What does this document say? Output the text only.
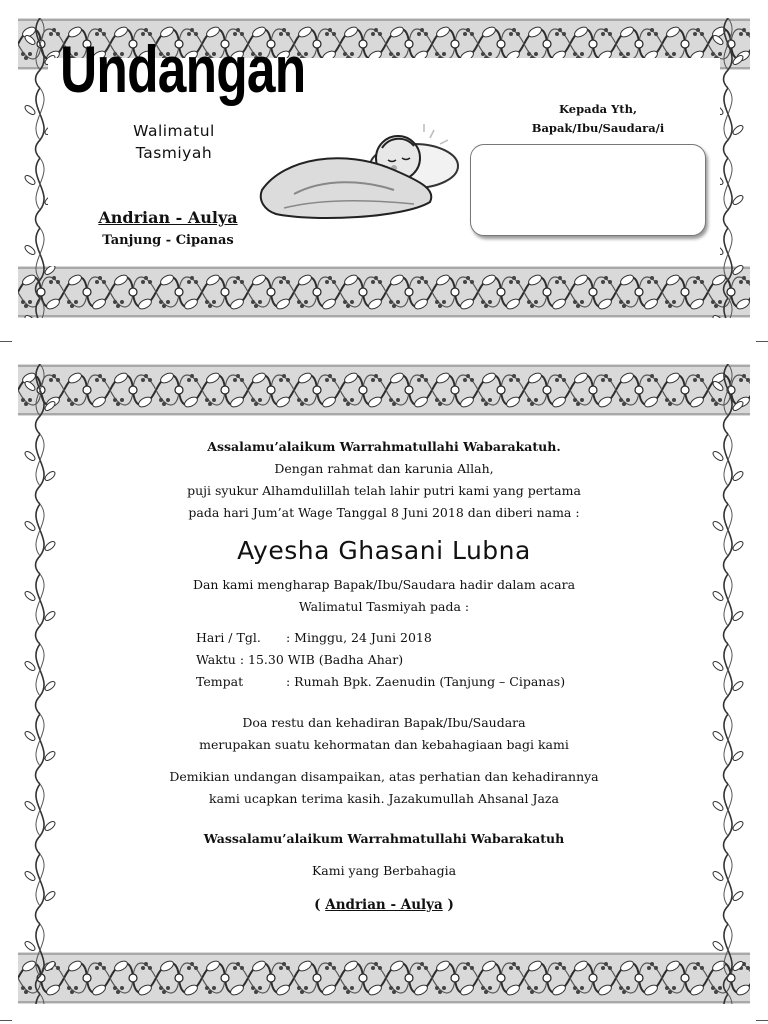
Undangan
Walimatul
Tasmiyah
Andrian - Aulya
Tanjung - Cipanas
Kepada Yth,
Bapak/Ibu/Saudara/i
Assalamu’alaikum Warrahmatullahi Wabarakatuh.
Dengan rahmat dan karunia Allah,
puji syukur Alhamdulillah telah lahir putri kami yang pertama
pada hari Jum’at Wage Tanggal 8 Juni 2018 dan diberi nama :
Ayesha Ghasani Lubna
Dan kami mengharap Bapak/Ibu/Saudara hadir dalam acara
Walimatul Tasmiyah pada :
Hari / Tgl. : Minggu, 24 Juni 2018
Waktu : 15.30 WIB (Badha Ahar)
Tempat	: Rumah Bpk. Zaenudin (Tanjung – Cipanas)
Doa restu dan kehadiran Bapak/Ibu/Saudara
merupakan suatu kehormatan dan kebahagiaan bagi kami
Demikian undangan disampaikan, atas perhatian dan kehadirannya
kami ucapkan terima kasih. Jazakumullah Ahsanal Jaza
Wassalamu’alaikum Warrahmatullahi Wabarakatuh
Kami yang Berbahagia
( Andrian - Aulya )
